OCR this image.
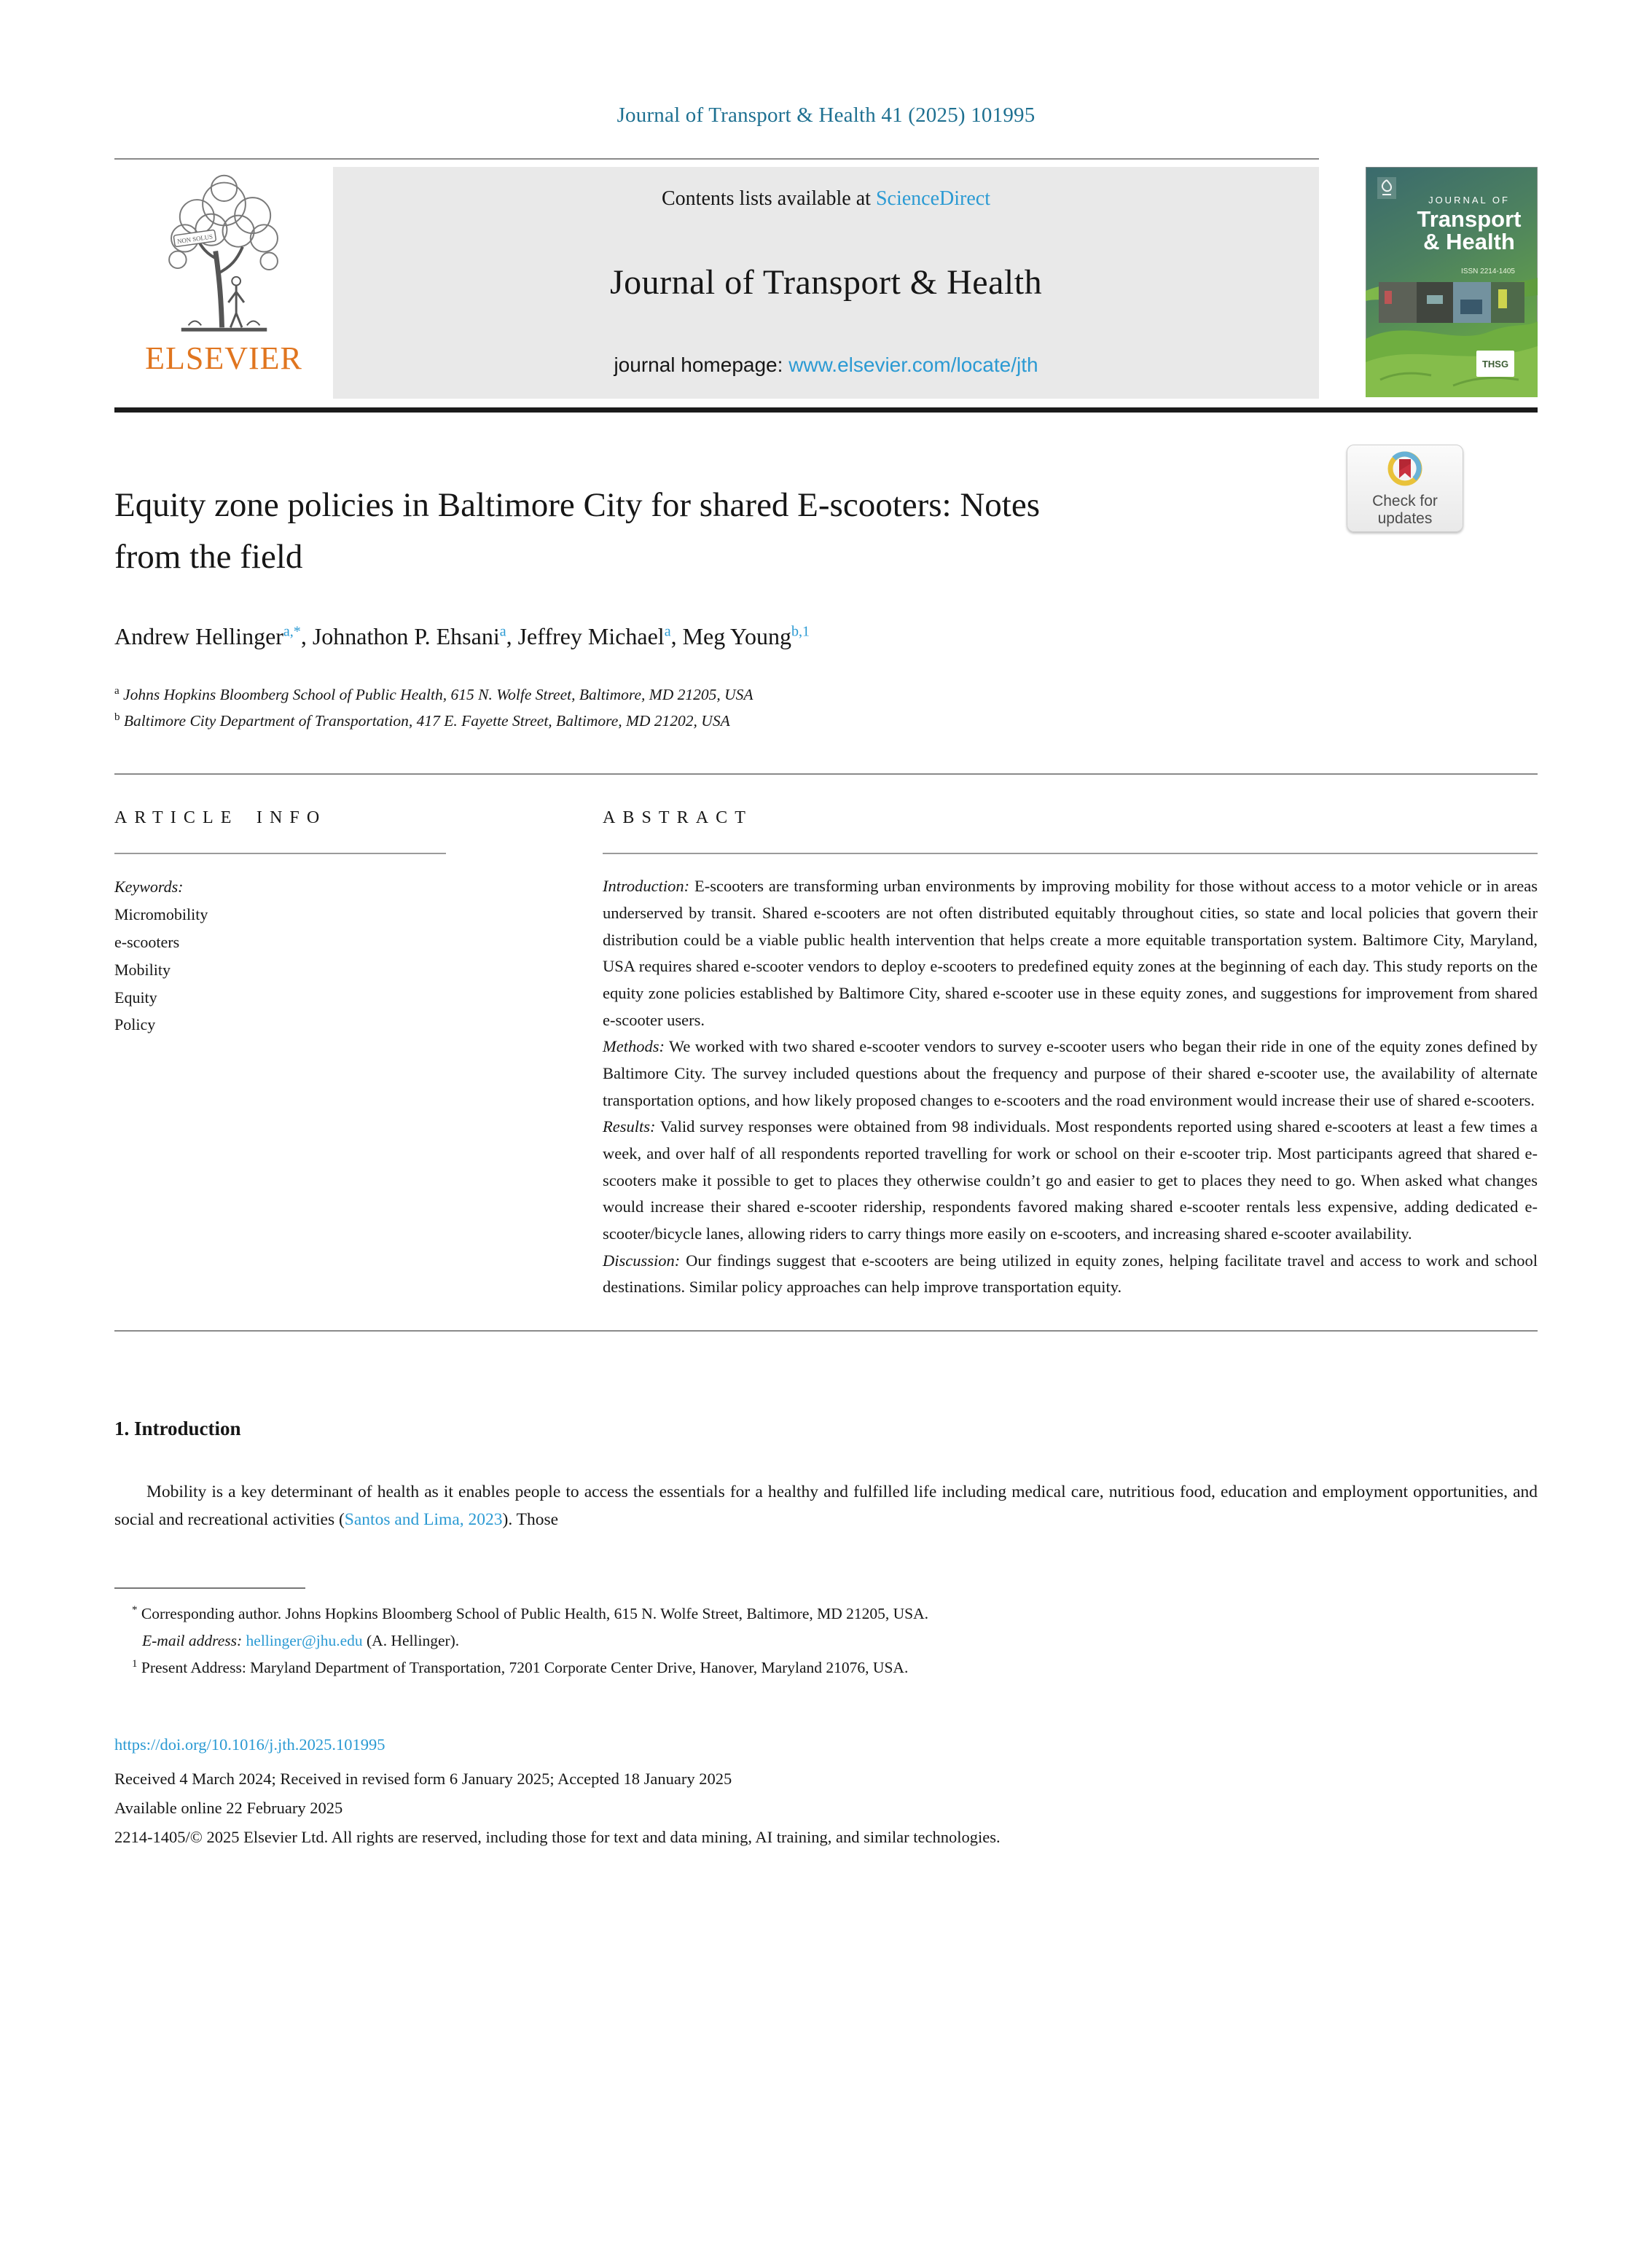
Journal of Transport & Health 41 (2025) 101995
NON SOLUS
ELSEVIER
Contents lists available at ScienceDirect
Journal of Transport & Health
journal homepage: www.elsevier.com/locate/jth
JOURNAL OF
Transport
& Health
ISSN 2214-1405
THSG
Equity zone policies in Baltimore City for shared E-scooters: Notes
from the field
Check for
updates
Andrew Hellinger$^{a,*}$, Johnathon P. Ehsani$^a$, Jeffrey Michael$^a$, Meg Young$^{b,1}$
$^a$ Johns Hopkins Bloomberg School of Public Health, 615 N. Wolfe Street, Baltimore, MD 21205, USA
$^b$ Baltimore City Department of Transportation, 417 E. Fayette Street, Baltimore, MD 21202, USA
ARTICLE INFO
Keywords:
Micromobility
e-scooters
Mobility
Equity
Policy
ABSTRACT

Introduction: E-scooters are transforming urban environments by improving mobility for those without access to a motor vehicle or in areas underserved by transit. Shared e-scooters are not often distributed equitably throughout cities, so state and local policies that govern their distribution could be a viable public health intervention that helps create a more equitable transportation system. Baltimore City, Maryland, USA requires shared e-scooter vendors to deploy e-scooters to predefined equity zones at the beginning of each day. This study reports on the equity zone policies established by Baltimore City, shared e-scooter use in these equity zones, and suggestions for improvement from shared e-scooter users.

Methods: We worked with two shared e-scooter vendors to survey e-scooter users who began their ride in one of the equity zones defined by Baltimore City. The survey included questions about the frequency and purpose of their shared e-scooter use, the availability of alternate transportation options, and how likely proposed changes to e-scooters and the road environment would increase their use of shared e-scooters.

Results: Valid survey responses were obtained from 98 individuals. Most respondents reported using shared e-scooters at least a few times a week, and over half of all respondents reported travelling for work or school on their e-scooter trip. Most participants agreed that shared e-scooters make it possible to get to places they otherwise couldn’t go and easier to get to places they need to go. When asked what changes would increase their shared e-scooter ridership, respondents favored making shared e-scooter rentals less expensive, adding dedicated e-scooter/bicycle lanes, allowing riders to carry things more easily on e-scooters, and increasing shared e-scooter availability.

Discussion: Our findings suggest that e-scooters are being utilized in equity zones, helping facilitate travel and access to work and school destinations. Similar policy approaches can help improve transportation equity.

1. Introduction

Mobility is a key determinant of health as it enables people to access the essentials for a healthy and fulfilled life including medical care, nutritious food, education and employment opportunities, and social and recreational activities (Santos and Lima, 2023). Those

* Corresponding author. Johns Hopkins Bloomberg School of Public Health, 615 N. Wolfe Street, Baltimore, MD 21205, USA.
E-mail address: hellinger@jhu.edu (A. Hellinger).
$^1$ Present Address: Maryland Department of Transportation, 7201 Corporate Center Drive, Hanover, Maryland 21076, USA.
https://doi.org/10.1016/j.jth.2025.101995
Received 4 March 2024; Received in revised form 6 January 2025; Accepted 18 January 2025
Available online 22 February 2025
2214-1405/© 2025 Elsevier Ltd. All rights are reserved, including those for text and data mining, AI training, and similar technologies.
